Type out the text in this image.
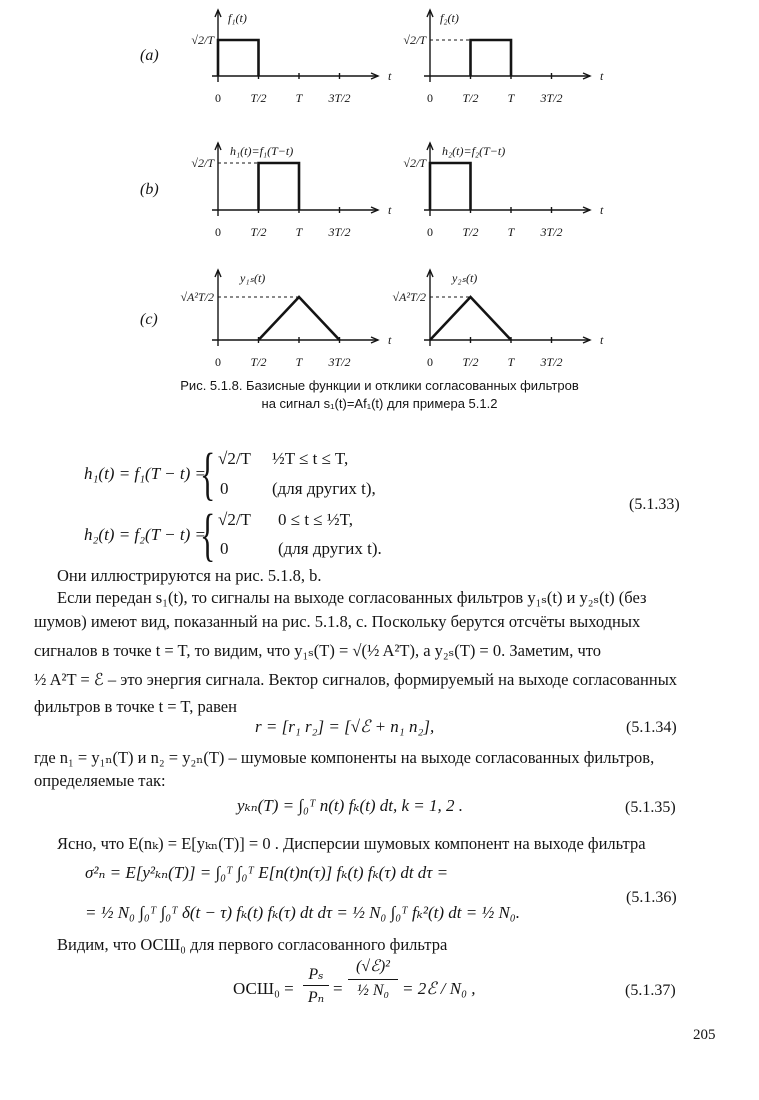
(a)
(b)
(c)
t
0 T/2 T 3T/2
√2/T
f₁(t)
t
0 T/2 T 3T/2
√2/T
f₂(t)
t
0 T/2 T 3T/2
√2/T
h₁(t)=f₁(T−t)
t
0 T/2 T 3T/2
√2/T
h₂(t)=f₂(T−t)
t
0 T/2 T 3T/2
√A²T/2
y₁ₛ(t)
t
0 T/2 T 3T/2
√A²T/2
y₂ₛ(t)
Рис. 5.1.8. Базисные функции и отклики согласованных фильтров
на сигнал s₁(t)=Af₁(t) для примера 5.1.2
h₁(t) = f₁(T − t) =
{ √2/T ½T ≤ t ≤ T,
0	(для других t),
h₂(t) = f₂(T − t) =
{ √2/T 0 ≤ t ≤ ½T,
0	(для других t).
(5.1.33)
Они иллюстрируются на рис. 5.1.8, b.
Если передан s₁(t), то сигналы на выходе согласованных фильтров y₁ₛ(t) и y₂ₛ(t) (без
шумов) имеют вид, показанный на рис. 5.1.8, c. Поскольку берутся отсчёты выходных
сигналов в точке t = T, то видим, что y₁ₛ(T) = √(½ A²T), а y₂ₛ(T) = 0. Заметим, что
½ A²T = ℰ – это энергия сигнала. Вектор сигналов, формируемый на выходе согласованных
фильтров в точке t = T, равен
r = [r₁ r₂] = [√ℰ + n₁ n₂],	(5.1.34)
где n₁ = y₁ₙ(T) и n₂ = y₂ₙ(T) – шумовые компоненты на выходе согласованных фильтров,
определяемые так:
yₖₙ(T) = ∫₀ᵀ n(t) fₖ(t) dt, k = 1, 2 .	(5.1.35)
Ясно, что E(nₖ) = E[yₖₙ(T)] = 0 . Дисперсии шумовых компонент на выходе фильтра
σ²ₙ = E[y²ₖₙ(T)] = ∫₀ᵀ ∫₀ᵀ E[n(t)n(τ)] fₖ(t) fₖ(τ) dt dτ =
= ½ N₀ ∫₀ᵀ ∫₀ᵀ δ(t − τ) fₖ(t) fₖ(τ) dt dτ = ½ N₀ ∫₀ᵀ fₖ²(t) dt = ½ N₀.
(5.1.36)
Видим, что ОСШ₀ для первого согласованного фильтра
$ОСШ_0 = \frac{\text{Pₛ}}{\text{Pₙ}}$ =
(√ℰ)²
½ N₀ = 2ℰ / N₀ ,	(5.1.37)
205
